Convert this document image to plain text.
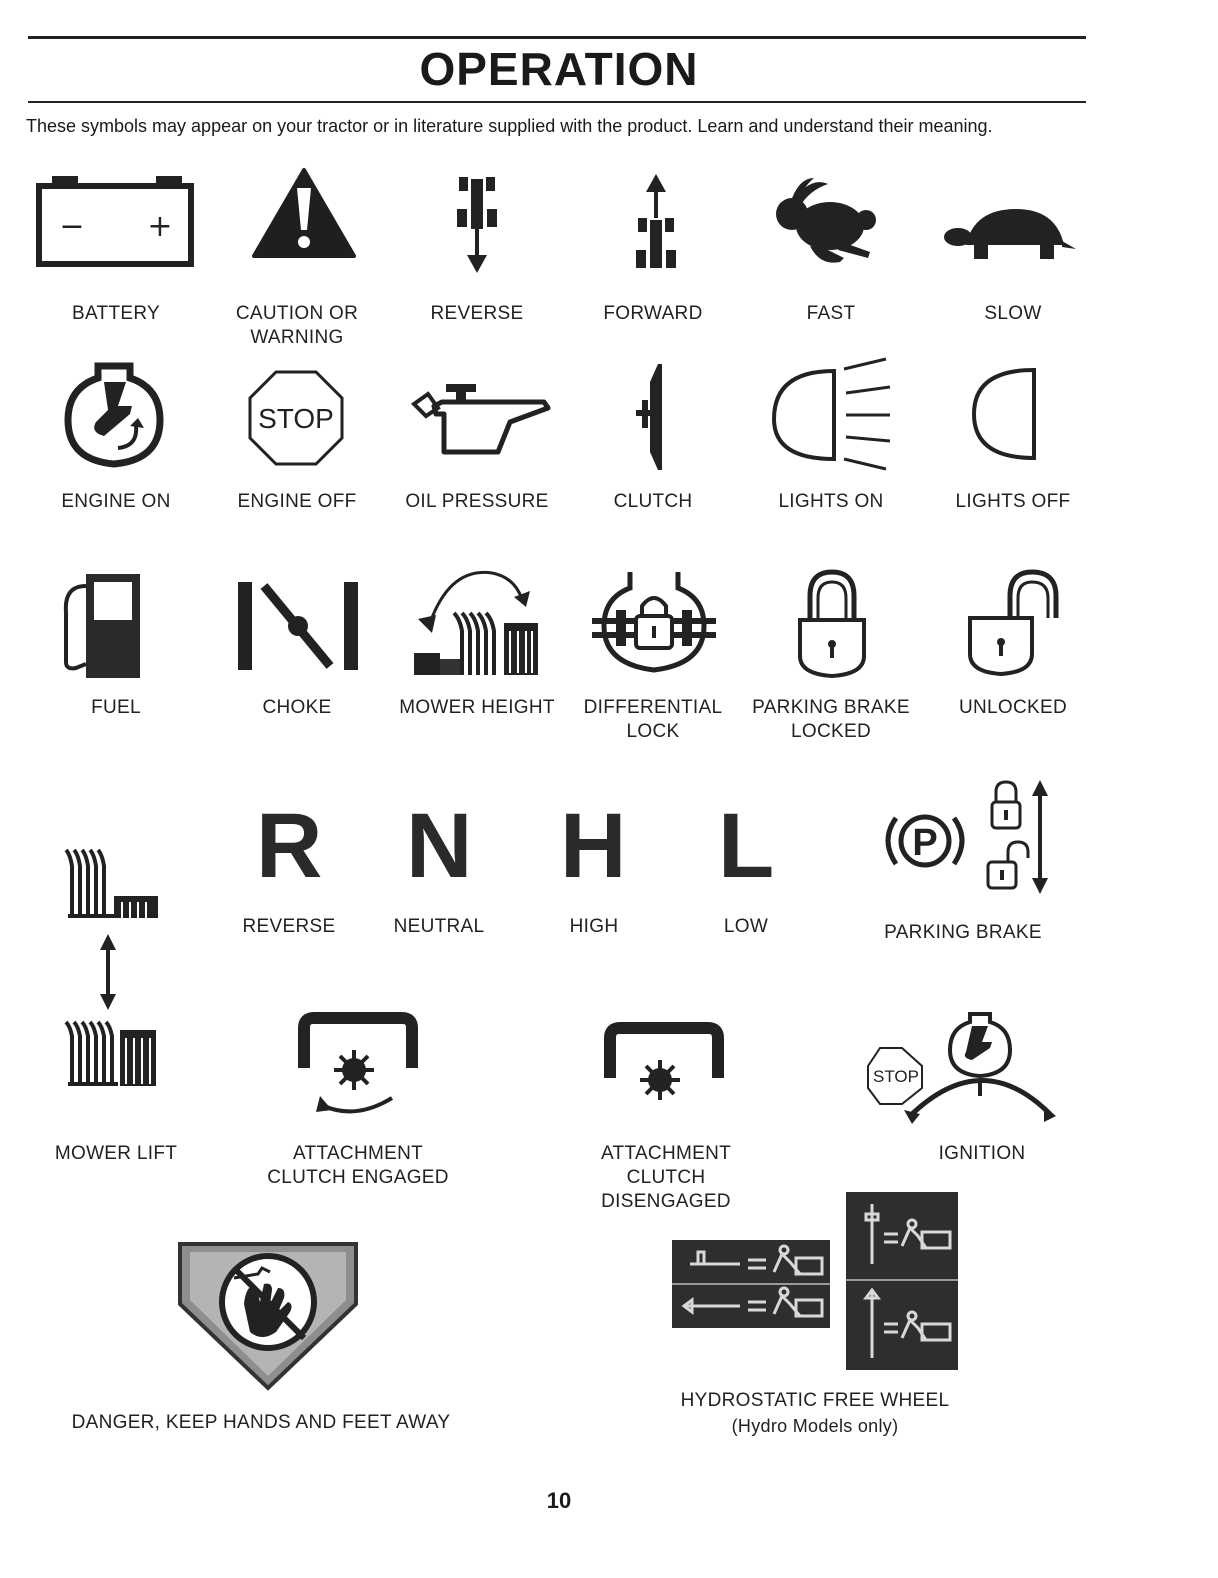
OPERATION
These symbols may appear on your tractor or in literature supplied with the product. Learn and understand their meaning.
− +
BATTERY	CAUTION OR
WARNING
REVERSE	FORWARD	FAST	SLOW
ENGINE ON
STOP
ENGINE OFF	OIL PRESSURE	CLUTCH	LIGHTS ON	LIGHTS OFF
FUEL	CHOKE	MOWER HEIGHT	DIFFERENTIAL
LOCK
PARKING BRAKE
LOCKED
UNLOCKED
R N H L
REVERSE	NEUTRAL	HIGH	LOW
P
PARKING BRAKE
MOWER LIFT	ATTACHMENT
CLUTCH ENGAGED
ATTACHMENT
CLUTCH DISENGAGED
STOP
IGNITION
DANGER, KEEP HANDS AND FEET AWAY
HYDROSTATIC FREE WHEEL
(Hydro Models only)
10
